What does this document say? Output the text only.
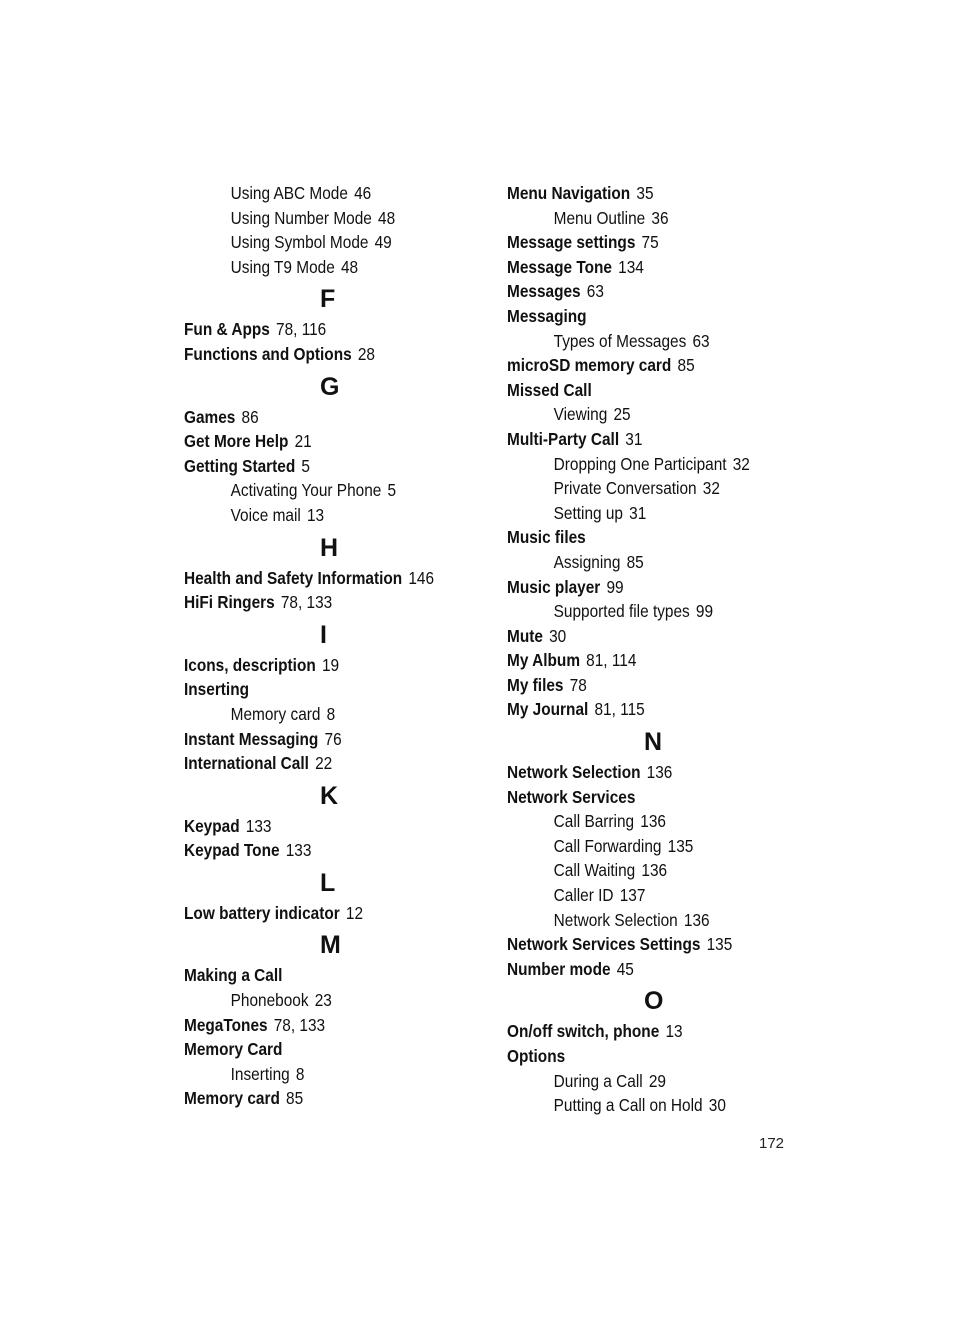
Using ABC Mode 46
Using Number Mode 48
Using Symbol Mode 49
Using T9 Mode 48
F
Fun & Apps 78, 116
Functions and Options 28
G
Games 86
Get More Help 21
Getting Started 5
Activating Your Phone 5
Voice mail 13
H
Health and Safety Information 146
HiFi Ringers 78, 133
I
Icons, description 19
Inserting
Memory card 8
Instant Messaging 76
International Call 22
K
Keypad 133
Keypad Tone 133
L
Low battery indicator 12
M
Making a Call
Phonebook 23
MegaTones 78, 133
Memory Card
Inserting 8
Memory card 85
Menu Navigation 35
Menu Outline 36
Message settings 75
Message Tone 134
Messages 63
Messaging
Types of Messages 63
microSD memory card 85
Missed Call
Viewing 25
Multi-Party Call 31
Dropping One Participant 32
Private Conversation 32
Setting up 31
Music files
Assigning 85
Music player 99
Supported file types 99
Mute 30
My Album 81, 114
My files 78
My Journal 81, 115
N
Network Selection 136
Network Services
Call Barring 136
Call Forwarding 135
Call Waiting 136
Caller ID 137
Network Selection 136
Network Services Settings 135
Number mode 45
O
On/off switch, phone 13
Options
During a Call 29
Putting a Call on Hold 30
172
